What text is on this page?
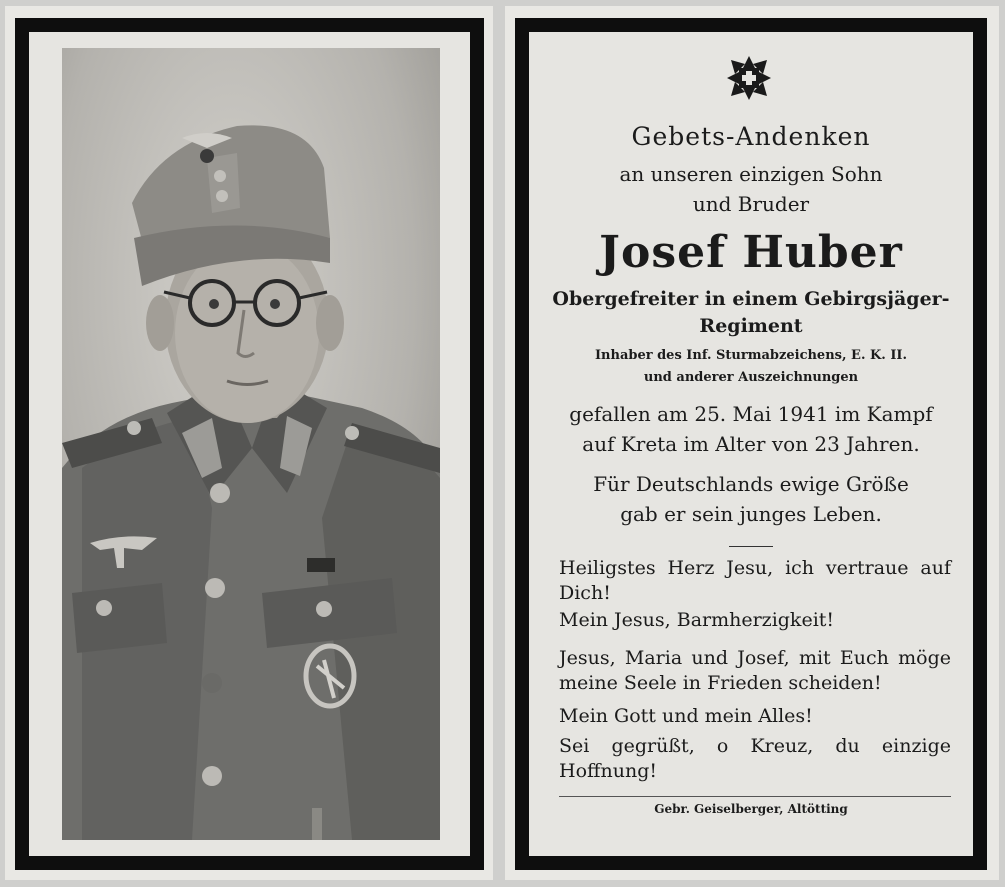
Gebets-Andenken
an unseren einzigen Sohn
und Bruder
Josef Huber
Obergefreiter in einem Gebirgsjäger-
Regiment
Inhaber des Inf. Sturmabzeichens, E. K. II.
und anderer Auszeichnungen
gefallen am 25. Mai 1941 im Kampf
auf Kreta im Alter von 23 Jahren.
Für Deutschlands ewige Größe
gab er sein junges Leben.
Heiligstes Herz Jesu, ich vertraue auf Dich!
Mein Jesus, Barmherzigkeit!
Jesus, Maria und Josef, mit Euch möge meine Seele in Frieden scheiden!
Mein Gott und mein Alles!
Sei gegrüßt, o Kreuz, du einzige Hoffnung!
Gebr. Geiselberger, Altötting
